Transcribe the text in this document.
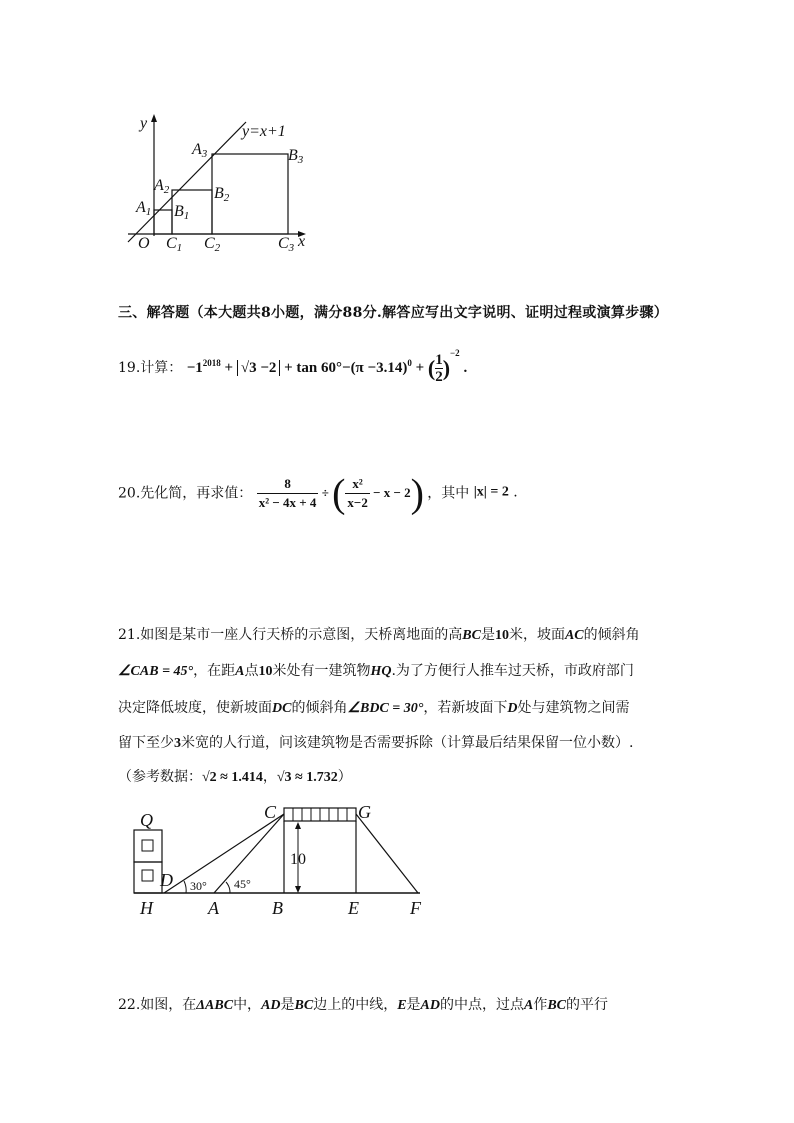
y
x
y=x+1
O
A1
A2
A3
B1
B2
B3
C1 C2	C3
三、解答题（本大题共8小题，满分88分.解答应写出文字说明、证明过程或演算步骤）
19.计算： $-1^{2018} + √3 -2 + \tan 60^\circ-(\pi -3.14)^0$ + ( $\frac{1}{2} )^{-2}$ .
20.先化简，再求值： $\frac{8}{\text{x² − 4x + 4}}$ ÷ ( $\frac{\text{x²}}{x-2} - x - 2$) ，其中 |x| = 2 .
21.如图是某市一座人行天桥的示意图，天桥离地面的高BC是10米，坡面AC的倾斜角
∠CAB = 45°，在距A点10米处有一建筑物HQ.为了方便行人推车过天桥，市政府部门
决定降低坡度，使新坡面DC的倾斜角∠BDC = 30°，若新坡面下D处与建筑物之间需
留下至少3米宽的人行道，问该建筑物是否需要拆除（计算最后结果保留一位小数）.
（参考数据：√2 ≈ 1.414，√3 ≈ 1.732）
10
30° 45°
Q	C	G
D
H	A	B	E	F
22.如图，在ΔABC中，AD是BC边上的中线，E是AD的中点，过点A作BC的平行
